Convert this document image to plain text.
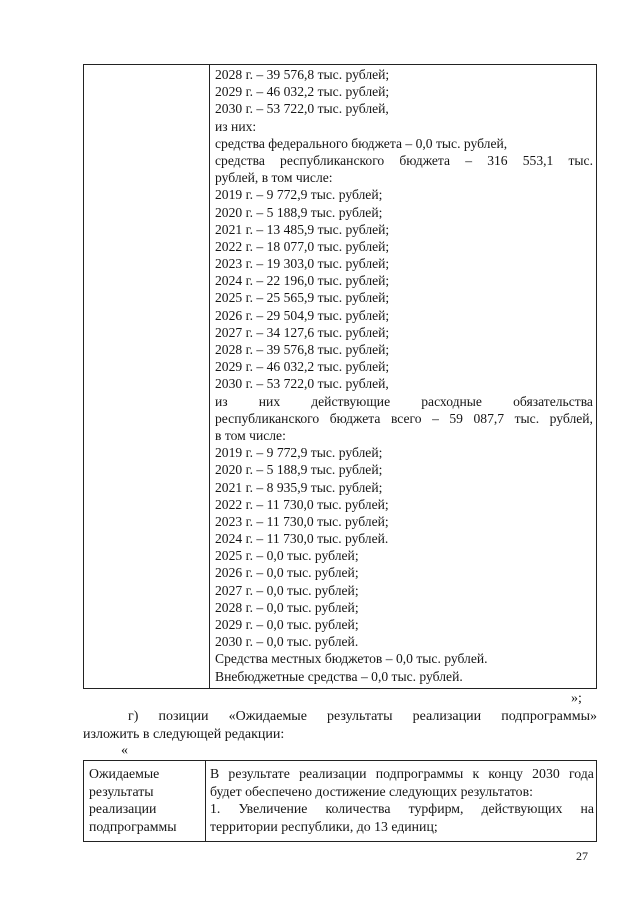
2028 г. – 39 576,8 тыс. рублей;
2029 г. – 46 032,2 тыс. рублей;
2030 г. – 53 722,0 тыс. рублей,
из них:
средства федерального бюджета – 0,0 тыс. рублей,
средства республиканского бюджета – 316 553,1 тыс.
рублей, в том числе:
2019 г. – 9 772,9 тыс. рублей;
2020 г. – 5 188,9 тыс. рублей;
2021 г. – 13 485,9 тыс. рублей;
2022 г. – 18 077,0 тыс. рублей;
2023 г. – 19 303,0 тыс. рублей;
2024 г. – 22 196,0 тыс. рублей;
2025 г. – 25 565,9 тыс. рублей;
2026 г. – 29 504,9 тыс. рублей;
2027 г. – 34 127,6 тыс. рублей;
2028 г. – 39 576,8 тыс. рублей;
2029 г. – 46 032,2 тыс. рублей;
2030 г. – 53 722,0 тыс. рублей,
из них действующие расходные обязательства
республиканского бюджета всего – 59 087,7 тыс. рублей,
в том числе:
2019 г. – 9 772,9 тыс. рублей;
2020 г. – 5 188,9 тыс. рублей;
2021 г. – 8 935,9 тыс. рублей;
2022 г. – 11 730,0 тыс. рублей;
2023 г. – 11 730,0 тыс. рублей;
2024 г. – 11 730,0 тыс. рублей.
2025 г. – 0,0 тыс. рублей;
2026 г. – 0,0 тыс. рублей;
2027 г. – 0,0 тыс. рублей;
2028 г. – 0,0 тыс. рублей;
2029 г. – 0,0 тыс. рублей;
2030 г. – 0,0 тыс. рублей.
Средства местных бюджетов – 0,0 тыс. рублей.
Внебюджетные средства – 0,0 тыс. рублей.
»;
г) позиции «Ожидаемые результаты реализации подпрограммы»
изложить в следующей редакции:
«
Ожидаемые
результаты
реализации
подпрограммы
В результате реализации подпрограммы к концу 2030 года
будет обеспечено достижение следующих результатов:
1. Увеличение количества турфирм, действующих на
территории республики, до 13 единиц;
27
